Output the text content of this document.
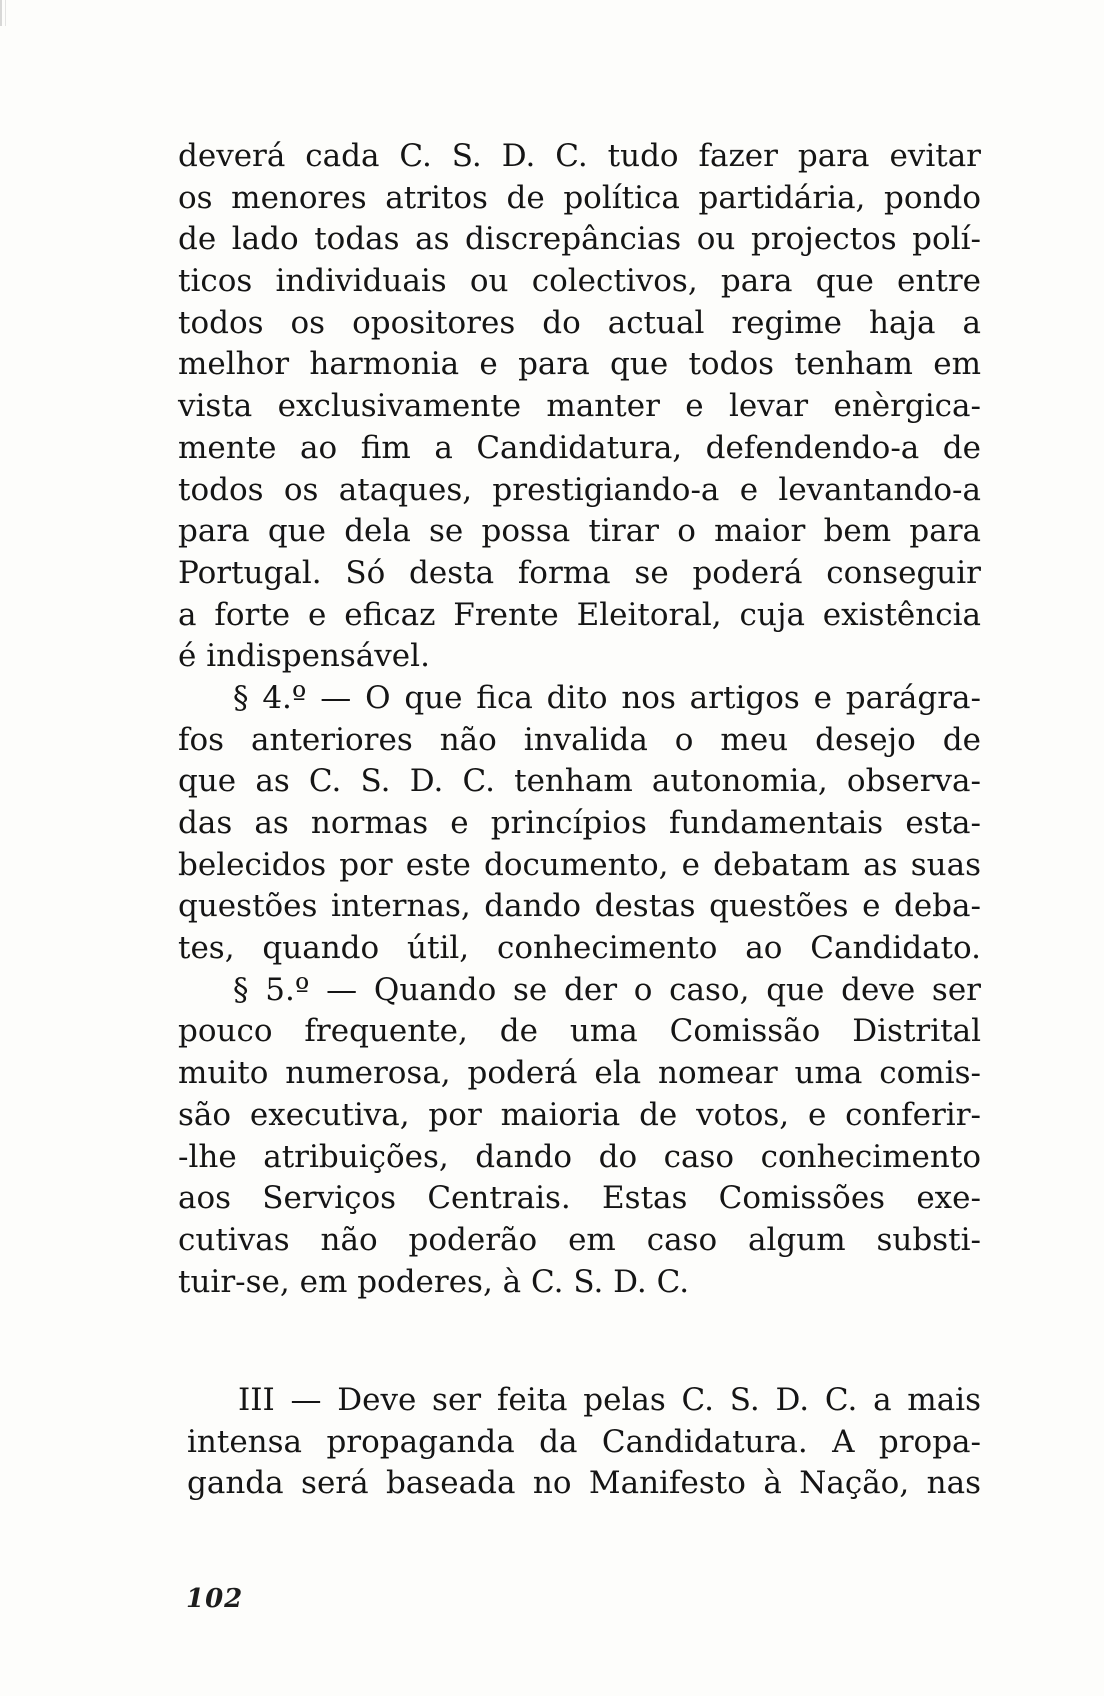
deverá cada C. S. D. C. tudo fazer para evitar
os menores atritos de política partidária, pondo
de lado todas as discrepâncias ou projectos polí-
ticos individuais ou colectivos, para que entre
todos os opositores do actual regime haja a
melhor harmonia e para que todos tenham em
vista exclusivamente manter e levar enèrgica-
mente ao fim a Candidatura, defendendo-a de
todos os ataques, prestigiando-a e levantando-a
para que dela se possa tirar o maior bem para
Portugal. Só desta forma se poderá conseguir
a forte e eficaz Frente Eleitoral, cuja existência
é indispensável.
§ 4.º — O que fica dito nos artigos e parágra-
fos anteriores não invalida o meu desejo de
que as C. S. D. C. tenham autonomia, observa-
das as normas e princípios fundamentais esta-
belecidos por este documento, e debatam as suas
questões internas, dando destas questões e deba-
tes, quando útil, conhecimento ao Candidato.
§ 5.º — Quando se der o caso, que deve ser
pouco frequente, de uma Comissão Distrital
muito numerosa, poderá ela nomear uma comis-
são executiva, por maioria de votos, e conferir-
-lhe atribuições, dando do caso conhecimento
aos Serviços Centrais. Estas Comissões exe-
cutivas não poderão em caso algum substi-
tuir-se, em poderes, à C. S. D. C.
III — Deve ser feita pelas C. S. D. C. a mais
intensa propaganda da Candidatura. A propa-
ganda será baseada no Manifesto à Nação, nas
102
